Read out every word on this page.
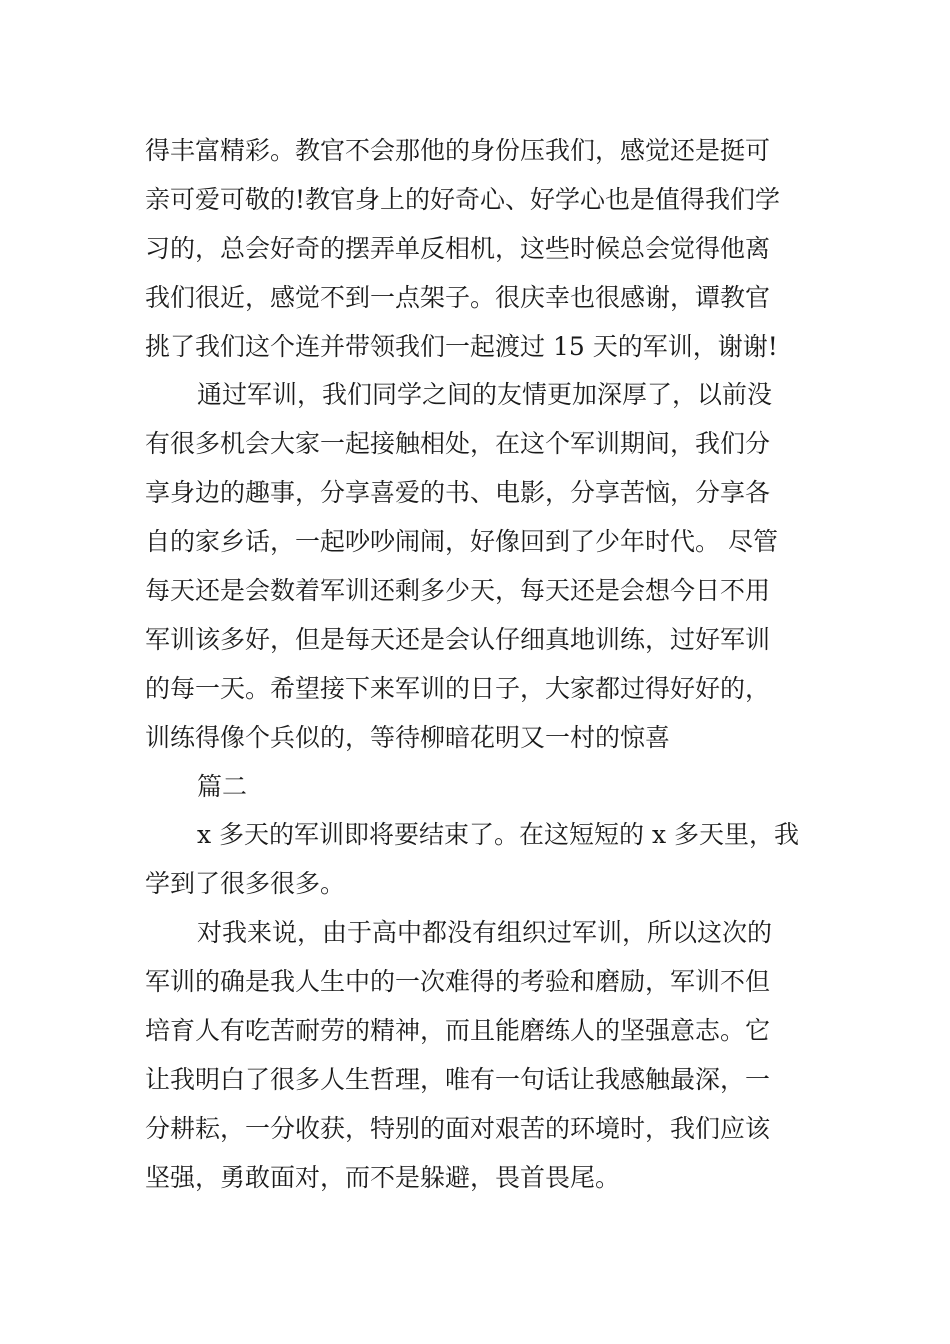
得丰富精彩。教官不会那他的身份压我们，感觉还是挺可
亲可爱可敬的!教官身上的好奇心、好学心也是值得我们学
习的，总会好奇的摆弄单反相机，这些时候总会觉得他离
我们很近，感觉不到一点架子。很庆幸也很感谢，谭教官
挑了我们这个连并带领我们一起渡过 15 天的军训，谢谢!
通过军训，我们同学之间的友情更加深厚了，以前没
有很多机会大家一起接触相处，在这个军训期间，我们分
享身边的趣事，分享喜爱的书、电影，分享苦恼，分享各
自的家乡话，一起吵吵闹闹，好像回到了少年时代。 尽管
每天还是会数着军训还剩多少天，每天还是会想今日不用
军训该多好，但是每天还是会认仔细真地训练，过好军训
的每一天。希望接下来军训的日子，大家都过得好好的，
训练得像个兵似的，等待柳暗花明又一村的惊喜
篇二
x 多天的军训即将要结束了。在这短短的 x 多天里，我
学到了很多很多。
对我来说，由于高中都没有组织过军训，所以这次的
军训的确是我人生中的一次难得的考验和磨励，军训不但
培育人有吃苦耐劳的精神，而且能磨练人的坚强意志。它
让我明白了很多人生哲理，唯有一句话让我感触最深，一
分耕耘，一分收获，特别的面对艰苦的环境时，我们应该
坚强，勇敢面对，而不是躲避，畏首畏尾。
